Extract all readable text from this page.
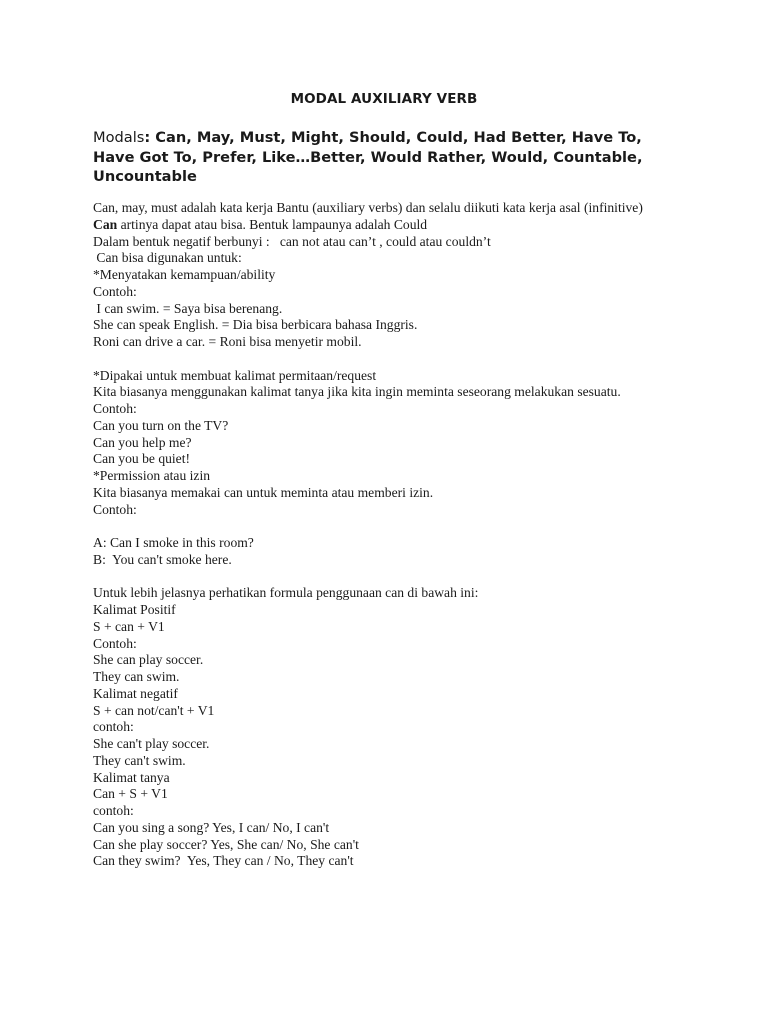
MODAL AUXILIARY VERB
Modals: Can, May, Must, Might, Should, Could, Had Better, Have To, Have Got To, Prefer, Like…Better, Would Rather, Would, Countable, Uncountable
Can, may, must adalah kata kerja Bantu (auxiliary verbs) dan selalu diikuti kata kerja asal (infinitive)
Can artinya dapat atau bisa. Bentuk lampaunya adalah Could
Dalam bentuk negatif berbunyi :   can not atau can’t , could atau couldn’t
Can bisa digunakan untuk:
*Menyatakan kemampuan/ability
Contoh:
I can swim. = Saya bisa berenang.
She can speak English. = Dia bisa berbicara bahasa Inggris.
Roni can drive a car. = Roni bisa menyetir mobil.
*Dipakai untuk membuat kalimat permitaan/request
Kita biasanya menggunakan kalimat tanya jika kita ingin meminta seseorang melakukan sesuatu.
Contoh:
Can you turn on the TV?
Can you help me?
Can you be quiet!
*Permission atau izin
Kita biasanya memakai can untuk meminta atau memberi izin.
Contoh:
A: Can I smoke in this room?
B:  You can't smoke here.
Untuk lebih jelasnya perhatikan formula penggunaan can di bawah ini:
Kalimat Positif
S + can + V1
Contoh:
She can play soccer.
They can swim.
Kalimat negatif
S + can not/can't + V1
contoh:
She can't play soccer.
They can't swim.
Kalimat tanya
Can + S + V1
contoh:
Can you sing a song? Yes, I can/ No, I can't
Can she play soccer? Yes, She can/ No, She can't
Can they swim?  Yes, They can / No, They can't
